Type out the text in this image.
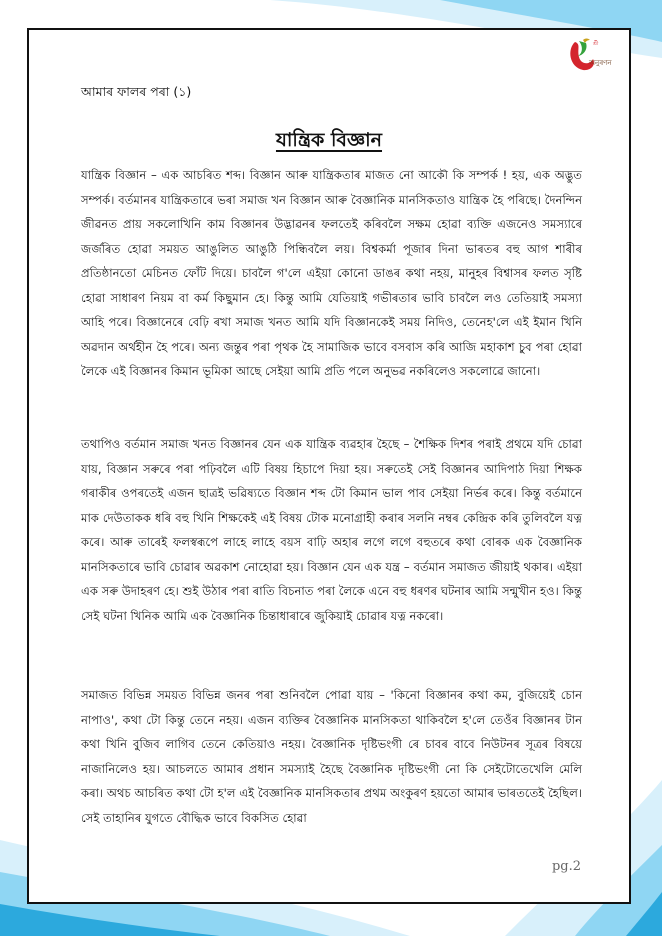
শ্ৰী
অনুৰণন

আমাৰ ফালৰ পৰা (১)

যান্ত্ৰিক বিজ্ঞান

যান্ত্ৰিক বিজ্ঞান – এক আচৰিত শব্দ। বিজ্ঞান আৰু যান্ত্ৰিকতাৰ মাজত নো আকৌ কি সম্পৰ্ক ! হয়, এক অদ্ভুত সম্পৰ্ক। বৰ্তমানৰ যান্ত্ৰিকতাৰে ভৰা সমাজ খন বিজ্ঞান আৰু বৈজ্ঞানিক মানসিকতাও যান্ত্ৰিক হৈ পৰিছে। দৈনন্দিন জীৱনত প্ৰায় সকলোখিনি কাম বিজ্ঞানৰ উদ্ভাৱনৰ ফলতেই কৰিবলৈ সক্ষম হোৱা ব্যক্তি এজনেও সমস্যাৰে জৰ্জৰিত হোৱা সময়ত আঙুলিত আঙুঠি পিন্ধিবলৈ লয়। বিশ্বকৰ্মা পূজাৰ দিনা ভাৰতৰ বহু আগ শাৰীৰ প্ৰতিষ্ঠানতো মেচিনত ফোঁট দিয়ে। চাবলৈ গ'লে এইয়া কোনো ডাঙৰ কথা নহয়, মানুহৰ বিশ্বাসৰ ফলত সৃষ্টি হোৱা সাধাৰণ নিয়ম বা কৰ্ম কিছুমান হে। কিন্তু আমি যেতিয়াই গভীৰতাৰ ভাবি চাবলৈ লও তেতিয়াই সমস্যা আহি পৰে। বিজ্ঞানেৰে বেঢ়ি ৰখা সমাজ খনত আমি যদি বিজ্ঞানকেই সময় নিদিও, তেনেহ'লে এই ইমান খিনি অৱদান অৰ্থহীন হৈ পৰে। অন্য জন্তুৰ পৰা পৃথক হৈ সামাজিক ভাবে বসবাস কৰি আজি মহাকাশ চুব পৰা হোৱা লৈকে এই বিজ্ঞানৰ কিমান ভূমিকা আছে সেইয়া আমি প্ৰতি পলে অনুভৱ নকৰিলেও সকলোৱে জানো।

তথাপিও বৰ্তমান সমাজ খনত বিজ্ঞানৰ যেন এক যান্ত্ৰিক ব্যৱহাৰ হৈছে – শৈক্ষিক দিশৰ পৰাই প্ৰথমে যদি চোৱা যায়, বিজ্ঞান সৰুৰে পৰা পঢ়িবলৈ এটি বিষয় হিচাপে দিয়া হয়। সৰুতেই সেই বিজ্ঞানৰ আদিপাঠ দিয়া শিক্ষক গৰাকীৰ ওপৰতেই এজন ছাত্ৰই ভৱিষ্যতে বিজ্ঞান শব্দ টো কিমান ভাল পাব সেইয়া নিৰ্ভৰ কৰে। কিন্তু বৰ্তমানে মাক দেউতাকক ধৰি বহু খিনি শিক্ষকেই এই বিষয় টোক মনোগ্ৰাহী কৰাৰ সলনি নম্বৰ কেন্দ্ৰিক কৰি তুলিবলৈ যত্ন কৰে। আৰু তাৰেই ফলস্বৰূপে লাহে লাহে বয়স বাঢ়ি অহাৰ লগে লগে বহুতৰে কথা বোৰক এক বৈজ্ঞানিক মানসিকতাৰে ভাবি চোৱাৰ অৱকাশ নোহোৱা হয়। বিজ্ঞান যেন এক যন্ত্ৰ – বৰ্তমান সমাজত জীয়াই থকাৰ। এইয়া এক সৰু উদাহৰণ হে। শুই উঠাৰ পৰা ৰাতি বিচনাত পৰা লৈকে এনে বহু ধৰণৰ ঘটনাৰ আমি সন্মুখীন হও। কিন্তু সেই ঘটনা খিনিক আমি এক বৈজ্ঞানিক চিন্তাধাৰাৰে জুকিয়াই চোৱাৰ যত্ন নকৰো।

সমাজত বিভিন্ন সময়ত বিভিন্ন জনৰ পৰা শুনিবলৈ পোৱা যায় – 'কিনো বিজ্ঞানৰ কথা কম, বুজিয়েই চোন নাপাও', কথা টো কিন্তু তেনে নহয়। এজন ব্যক্তিৰ বৈজ্ঞানিক মানসিকতা থাকিবলৈ হ'লে তেওঁৰ বিজ্ঞানৰ টান কথা খিনি বুজিব লাগিব তেনে কেতিয়াও নহয়। বৈজ্ঞানিক দৃষ্টিভংগী ৰে চাবৰ বাবে নিউটনৰ সূত্ৰৰ বিষয়ে নাজানিলেও হয়। আচলতে আমাৰ প্ৰধান সমস্যাই হৈছে বৈজ্ঞানিক দৃষ্টিভংগী নো কি সেইটোতেখেলি মেলি কৰা। অথচ আচৰিত কথা টো হ'ল এই বৈজ্ঞানিক মানসিকতাৰ প্ৰথম অংকুৰণ হয়তো আমাৰ ভাৰততেই হৈছিল। সেই তাহানিৰ যুগতে বৌদ্ধিক ভাবে বিকসিত হোৱা

pg.2
